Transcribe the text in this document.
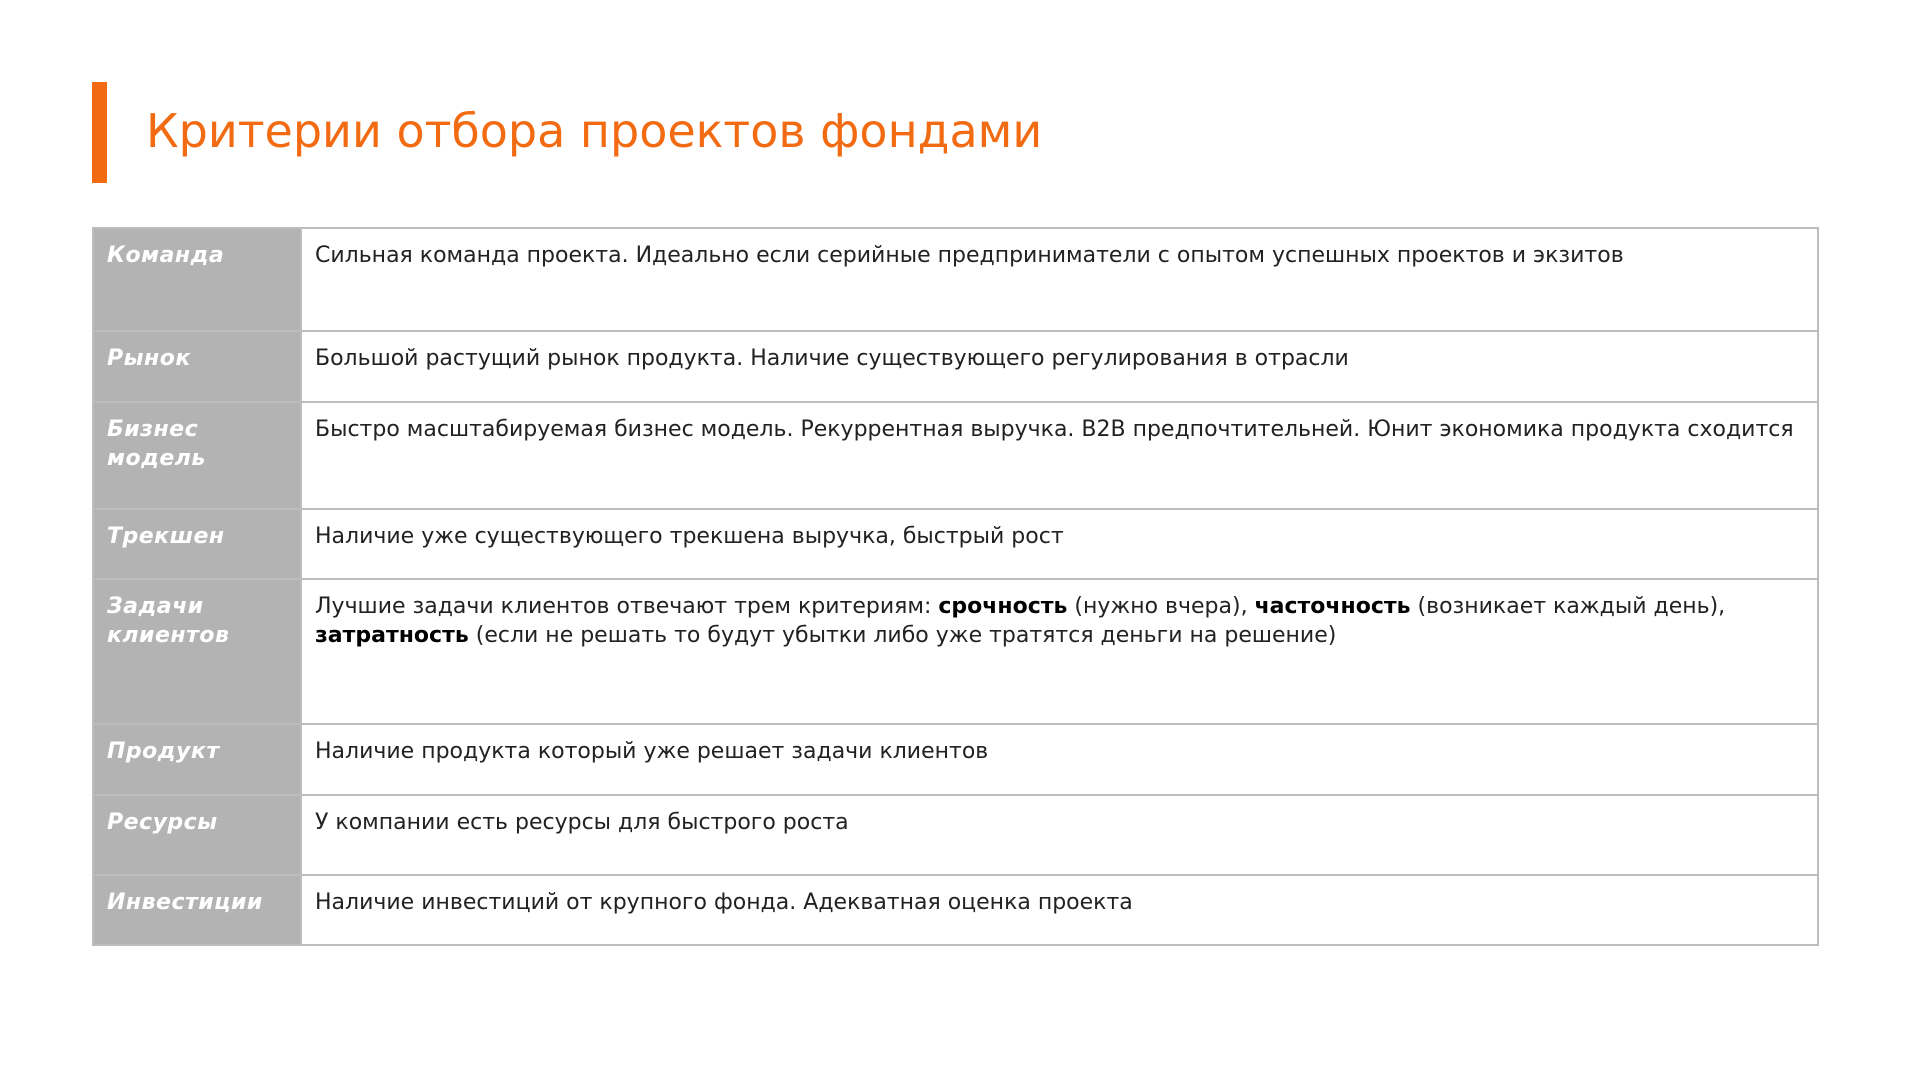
Критерии отбора проектов фондами
Команда	Сильная команда проекта. Идеально если серийные предприниматели с опытом успешных проектов и экзитов
Рынок	Большой растущий рынок продукта. Наличие существующего регулирования в отрасли
Бизнес модель	Быстро масштабируемая бизнес модель. Рекуррентная выручка. B2B предпочтительней. Юнит экономика продукта сходится
Трекшен	Наличие уже существующего трекшена выручка, быстрый рост
Задачи клиентов	Лучшие задачи клиентов отвечают трем критериям: срочность (нужно вчера), часточность (возникает каждый день), затратность (если не решать то будут убытки либо уже тратятся деньги на решение)
Продукт	Наличие продукта который уже решает задачи клиентов
Ресурсы	У компании есть ресурсы для быстрого роста
Инвестиции	Наличие инвестиций от крупного фонда. Адекватная оценка проекта
